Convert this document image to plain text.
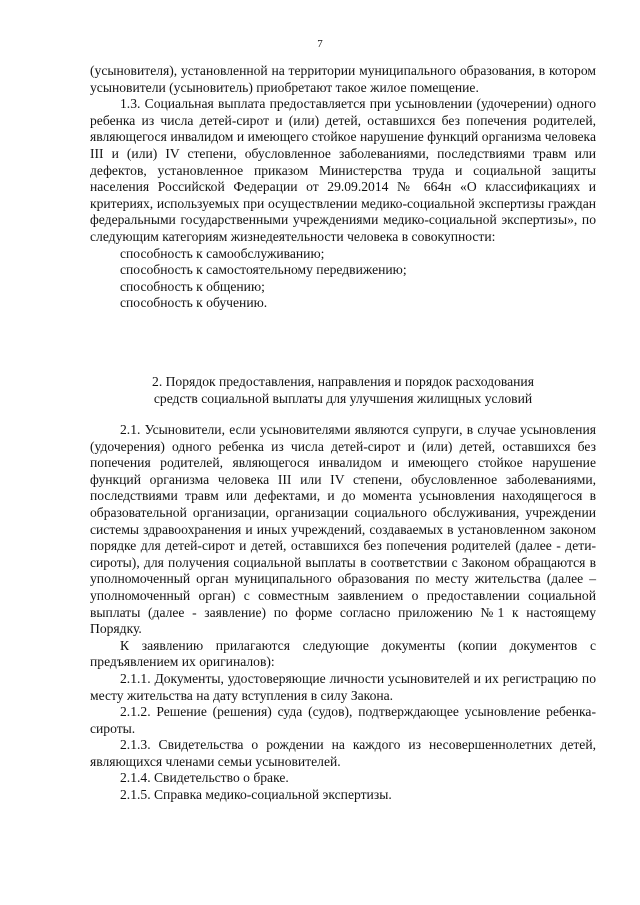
7

(усыновителя), установленной на территории муниципального образования, в котором усыновители (усыновитель) приобретают такое жилое помещение.

1.3. Социальная выплата предоставляется при усыновлении (удочерении) одного ребенка из числа детей-сирот и (или) детей, оставшихся без попечения родителей, являющегося инвалидом и имеющего стойкое нарушение функций организма человека III и (или) IV степени, обусловленное заболеваниями, последствиями травм или дефектов, установленное приказом Министерства труда и социальной защиты населения Российской Федерации от 29.09.2014 № 664н «О классификациях и критериях, используемых при осуществлении медико-социальной экспертизы граждан федеральными государственными учреждениями медико-социальной экспертизы», по следующим категориям жизнедеятельности человека в совокупности:

способность к самообслуживанию;

способность к самостоятельному передвижению;

способность к общению;

способность к обучению.

2. Порядок предоставления, направления и порядок расходования
средств социальной выплаты для улучшения жилищных условий

2.1. Усыновители, если усыновителями являются супруги, в случае усыновления (удочерения) одного ребенка из числа детей-сирот и (или) детей, оставшихся без попечения родителей, являющегося инвалидом и имеющего стойкое нарушение функций организма человека III или IV степени, обусловленное заболеваниями, последствиями травм или дефектами, и до момента усыновления находящегося в образовательной организации, организации социального обслуживания, учреждении системы здравоохранения и иных учреждений, создаваемых в установленном законом порядке для детей-сирот и детей, оставшихся без попечения родителей (далее - дети-сироты), для получения социальной выплаты в соответствии с Законом обращаются в уполномоченный орган муниципального образования по месту жительства (далее – уполномоченный орган) с совместным заявлением о предоставлении социальной выплаты (далее - заявление) по форме согласно приложению №1 к настоящему Порядку.

К заявлению прилагаются следующие документы (копии документов с предъявлением их оригиналов):

2.1.1. Документы, удостоверяющие личности усыновителей и их регистрацию по месту жительства на дату вступления в силу Закона.

2.1.2. Решение (решения) суда (судов), подтверждающее усыновление ребенка-сироты.

2.1.3. Свидетельства о рождении на каждого из несовершеннолетних детей, являющихся членами семьи усыновителей.

2.1.4. Свидетельство о браке.

2.1.5. Справка медико-социальной экспертизы.
